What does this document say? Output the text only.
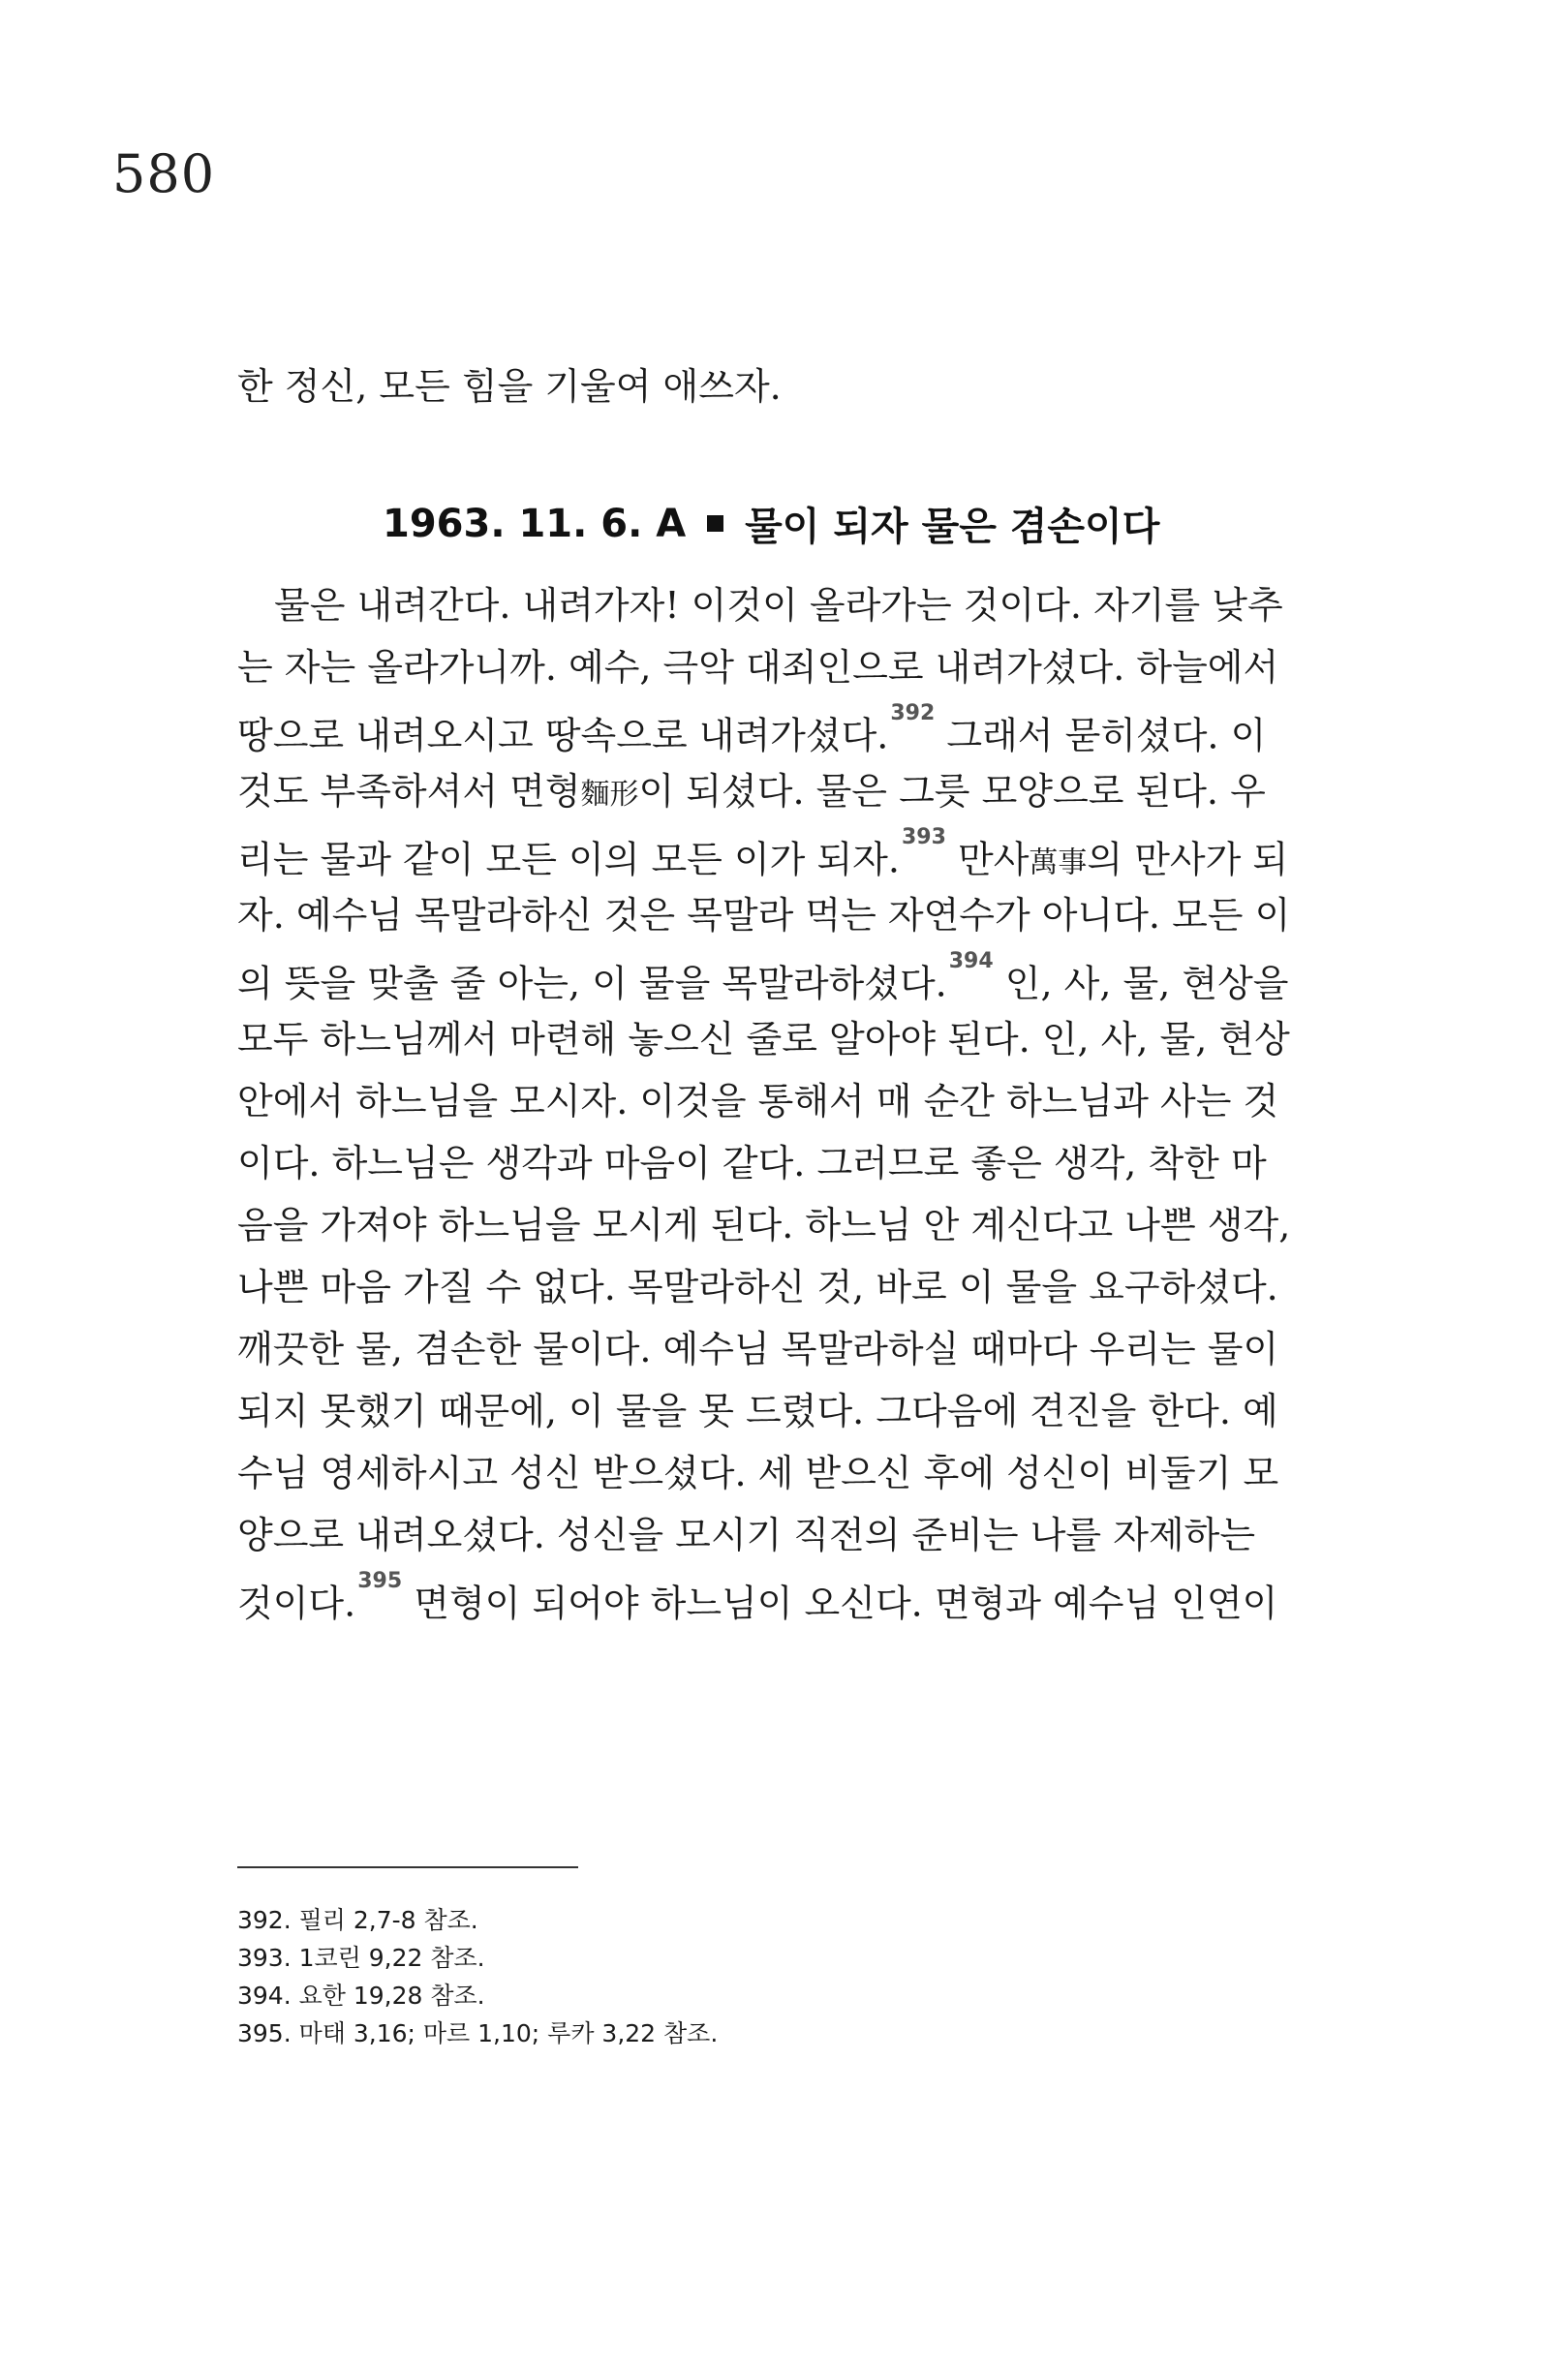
580
한 정신, 모든 힘을 기울여 애쓰자.
1963. 11. 6. A 물이 되자 물은 겸손이다
물은 내려간다. 내려가자! 이것이 올라가는 것이다. 자기를 낮추
는 자는 올라가니까. 예수, 극악 대죄인으로 내려가셨다. 하늘에서
땅으로 내려오시고 땅속으로 내려가셨다.$^{392}$ 그래서 묻히셨다. 이
것도 부족하셔서 면형麵形이 되셨다. 물은 그릇 모양으로 된다. 우
리는 물과 같이 모든 이의 모든 이가 되자.$^{393}$ 만사萬事의 만사가 되
자. 예수님 목말라하신 것은 목말라 먹는 자연수가 아니다. 모든 이
의 뜻을 맞출 줄 아는, 이 물을 목말라하셨다.$^{394}$ 인, 사, 물, 현상을
모두 하느님께서 마련해 놓으신 줄로 알아야 된다. 인, 사, 물, 현상
안에서 하느님을 모시자. 이것을 통해서 매 순간 하느님과 사는 것
이다. 하느님은 생각과 마음이 같다. 그러므로 좋은 생각, 착한 마
음을 가져야 하느님을 모시게 된다. 하느님 안 계신다고 나쁜 생각,
나쁜 마음 가질 수 없다. 목말라하신 것, 바로 이 물을 요구하셨다.
깨끗한 물, 겸손한 물이다. 예수님 목말라하실 때마다 우리는 물이
되지 못했기 때문에, 이 물을 못 드렸다. 그다음에 견진을 한다. 예
수님 영세하시고 성신 받으셨다. 세 받으신 후에 성신이 비둘기 모
양으로 내려오셨다. 성신을 모시기 직전의 준비는 나를 자제하는
것이다.$^{395}$ 면형이 되어야 하느님이 오신다. 면형과 예수님 인연이
392. 필리 2,7-8 참조.
393. 1코린 9,22 참조.
394. 요한 19,28 참조.
395. 마태 3,16; 마르 1,10; 루카 3,22 참조.
